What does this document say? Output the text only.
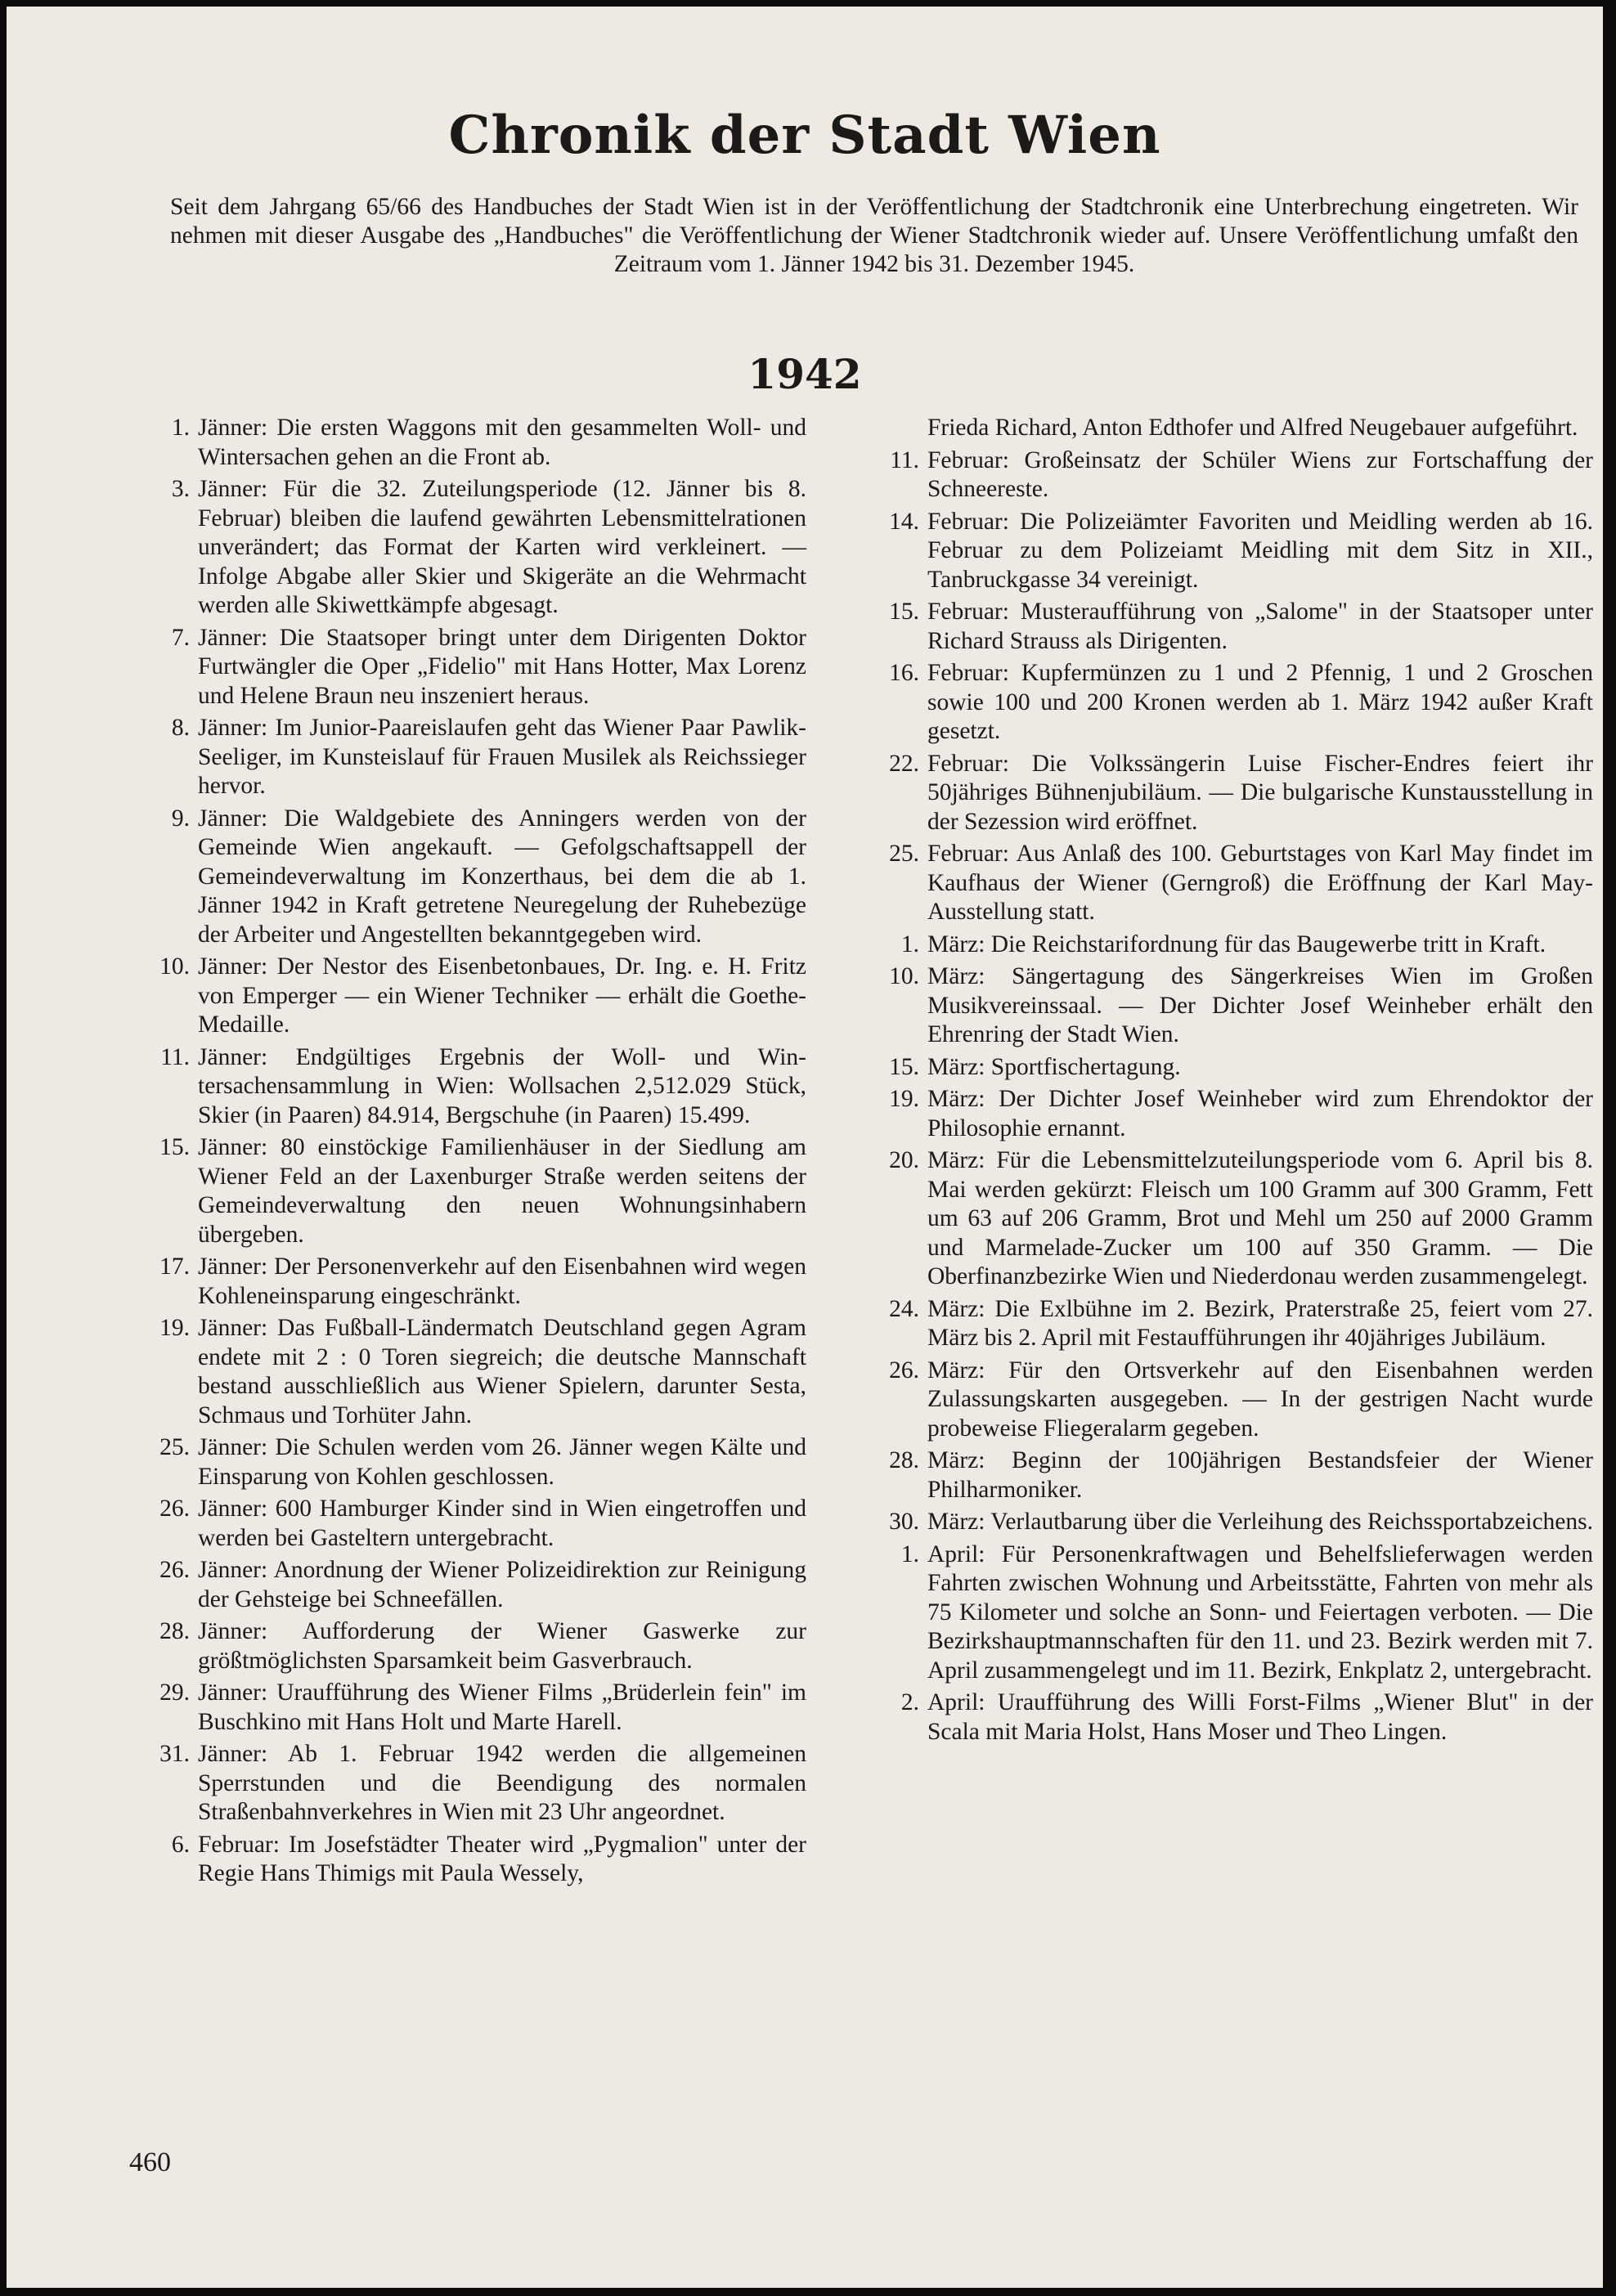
Chronik der Stadt Wien

Seit dem Jahrgang 65/66 des Handbuches der Stadt Wien ist in der Veröffentlichung der Stadtchronik eine Unterbrechung eingetreten. Wir nehmen mit dieser Ausgabe des „Handbuches" die Veröffentlichung der Wiener Stadtchronik wieder auf. Unsere Veröffentlichung umfaßt den Zeitraum vom 1. Jänner 1942 bis 31. Dezember 1945.

1942
1. Jänner: Die ersten Waggons mit den gesammelten Woll- und Wintersachen gehen an die Front ab.
3. Jänner: Für die 32. Zuteilungsperiode (12. Jänner bis 8. Februar) bleiben die laufend gewährten Lebensmittelrationen unverändert; das Format der Karten wird verkleinert. — Infolge Abgabe aller Skier und Skigeräte an die Wehrmacht werden alle Skiwettkämpfe abgesagt.
7. Jänner: Die Staatsoper bringt unter dem Dirigenten Doktor Furtwängler die Oper „Fidelio" mit Hans Hotter, Max Lorenz und Helene Braun neu inszeniert heraus.
8. Jänner: Im Junior-Paareislaufen geht das Wiener Paar Pawlik-Seeliger, im Kunsteislauf für Frauen Musilek als Reichssieger hervor.
9. Jänner: Die Waldgebiete des Anningers werden von der Gemeinde Wien angekauft. — Gefolgschaftsappell der Gemeindeverwaltung im Konzerthaus, bei dem die ab 1. Jänner 1942 in Kraft getretene Neuregelung der Ruhebezüge der Arbeiter und Angestellten bekanntgegeben wird.
10. Jänner: Der Nestor des Eisenbetonbaues, Dr. Ing. e. H. Fritz von Emperger — ein Wiener Techniker — erhält die Goethe-Medaille.
11. Jänner: Endgültiges Ergebnis der Woll- und Wintersachensammlung in Wien: Wollsachen 2,512.029 Stück, Skier (in Paaren) 84.914, Bergschuhe (in Paaren) 15.499.
15. Jänner: 80 einstöckige Familienhäuser in der Siedlung am Wiener Feld an der Laxenburger Straße werden seitens der Gemeindeverwaltung den neuen Wohnungsinhabern übergeben.
17. Jänner: Der Personenverkehr auf den Eisenbahnen wird wegen Kohleneinsparung eingeschränkt.
19. Jänner: Das Fußball-Ländermatch Deutschland gegen Agram endete mit 2 : 0 Toren siegreich; die deutsche Mannschaft bestand ausschließlich aus Wiener Spielern, darunter Sesta, Schmaus und Torhüter Jahn.
25. Jänner: Die Schulen werden vom 26. Jänner wegen Kälte und Einsparung von Kohlen geschlossen.
26. Jänner: 600 Hamburger Kinder sind in Wien eingetroffen und werden bei Gasteltern untergebracht.
26. Jänner: Anordnung der Wiener Polizeidirektion zur Reinigung der Gehsteige bei Schneefällen.
28. Jänner: Aufforderung der Wiener Gaswerke zur größtmöglichsten Sparsamkeit beim Gasverbrauch.
29. Jänner: Uraufführung des Wiener Films „Brüderlein fein" im Buschkino mit Hans Holt und Marte Harell.
31. Jänner: Ab 1. Februar 1942 werden die allgemeinen Sperrstunden und die Beendigung des normalen Straßenbahnverkehres in Wien mit 23 Uhr angeordnet.
6. Februar: Im Josefstädter Theater wird „Pygmalion" unter der Regie Hans Thimigs mit Paula Wessely,
Frieda Richard, Anton Edthofer und Alfred Neugebauer aufgeführt.
11. Februar: Großeinsatz der Schüler Wiens zur Fortschaffung der Schneereste.
14. Februar: Die Polizeiämter Favoriten und Meidling werden ab 16. Februar zu dem Polizeiamt Meidling mit dem Sitz in XII., Tanbruckgasse 34 vereinigt.
15. Februar: Musteraufführung von „Salome" in der Staatsoper unter Richard Strauss als Dirigenten.
16. Februar: Kupfermünzen zu 1 und 2 Pfennig, 1 und 2 Groschen sowie 100 und 200 Kronen werden ab 1. März 1942 außer Kraft gesetzt.
22. Februar: Die Volkssängerin Luise Fischer-Endres feiert ihr 50jähriges Bühnenjubiläum. — Die bulgarische Kunstausstellung in der Sezession wird eröffnet.
25. Februar: Aus Anlaß des 100. Geburtstages von Karl May findet im Kaufhaus der Wiener (Gerngroß) die Eröffnung der Karl May-Ausstellung statt.
1. März: Die Reichstarifordnung für das Baugewerbe tritt in Kraft.
10. März: Sängertagung des Sängerkreises Wien im Großen Musikvereinssaal. — Der Dichter Josef Weinheber erhält den Ehrenring der Stadt Wien.
15. März: Sportfischertagung.
19. März: Der Dichter Josef Weinheber wird zum Ehrendoktor der Philosophie ernannt.
20. März: Für die Lebensmittelzuteilungsperiode vom 6. April bis 8. Mai werden gekürzt: Fleisch um 100 Gramm auf 300 Gramm, Fett um 63 auf 206 Gramm, Brot und Mehl um 250 auf 2000 Gramm und Marmelade-Zucker um 100 auf 350 Gramm. — Die Oberfinanzbezirke Wien und Niederdonau werden zusammengelegt.
24. März: Die Exlbühne im 2. Bezirk, Praterstraße 25, feiert vom 27. März bis 2. April mit Festaufführungen ihr 40jähriges Jubiläum.
26. März: Für den Ortsverkehr auf den Eisenbahnen werden Zulassungskarten ausgegeben. — In der gestrigen Nacht wurde probeweise Fliegeralarm gegeben.
28. März: Beginn der 100jährigen Bestandsfeier der Wiener Philharmoniker.
30. März: Verlautbarung über die Verleihung des Reichssportabzeichens.
1. April: Für Personenkraftwagen und Behelfslieferwagen werden Fahrten zwischen Wohnung und Arbeitsstätte, Fahrten von mehr als 75 Kilometer und solche an Sonn- und Feiertagen verboten. — Die Bezirkshauptmannschaften für den 11. und 23. Bezirk werden mit 7. April zusammengelegt und im 11. Bezirk, Enkplatz 2, untergebracht.
2. April: Uraufführung des Willi Forst-Films „Wiener Blut" in der Scala mit Maria Holst, Hans Moser und Theo Lingen.
460
